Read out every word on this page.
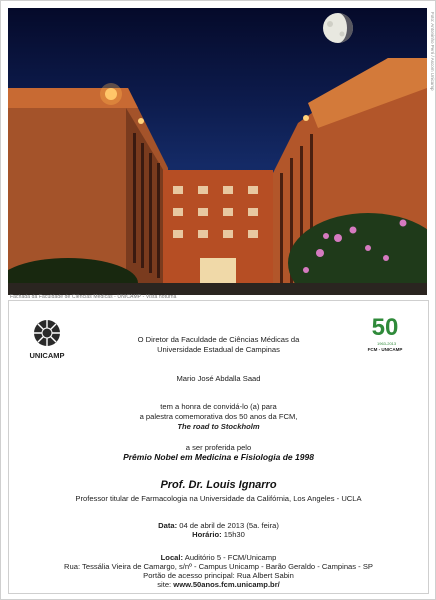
Fachada da Faculdade de Ciências Médicas - UNICAMP - Vista noturna
Foto: Antoninho Perri / Ascom Unicamp
UNICAMP
50
1963-2013
FCM - UNICAMP
O Diretor da Faculdade de Ciências Médicas da
Universidade Estadual de Campinas
Mario José Abdalla Saad
tem a honra de convidá-lo (a) para
a palestra comemorativa dos 50 anos da FCM,
The road to Stockholm
a ser proferida pelo
Prêmio Nobel em Medicina e Fisiologia de 1998
Prof. Dr. Louis Ignarro
Professor titular de Farmacologia na Universidade da Califórnia, Los Angeles - UCLA
Data: 04 de abril de 2013 (5a. feira)
Horário: 15h30
Local: Auditório 5 - FCM/Unicamp
Rua: Tessália Vieira de Camargo, s/nº - Campus Unicamp - Barão Geraldo - Campinas - SP
Portão de acesso principal: Rua Albert Sabin
site: www.50anos.fcm.unicamp.br/
